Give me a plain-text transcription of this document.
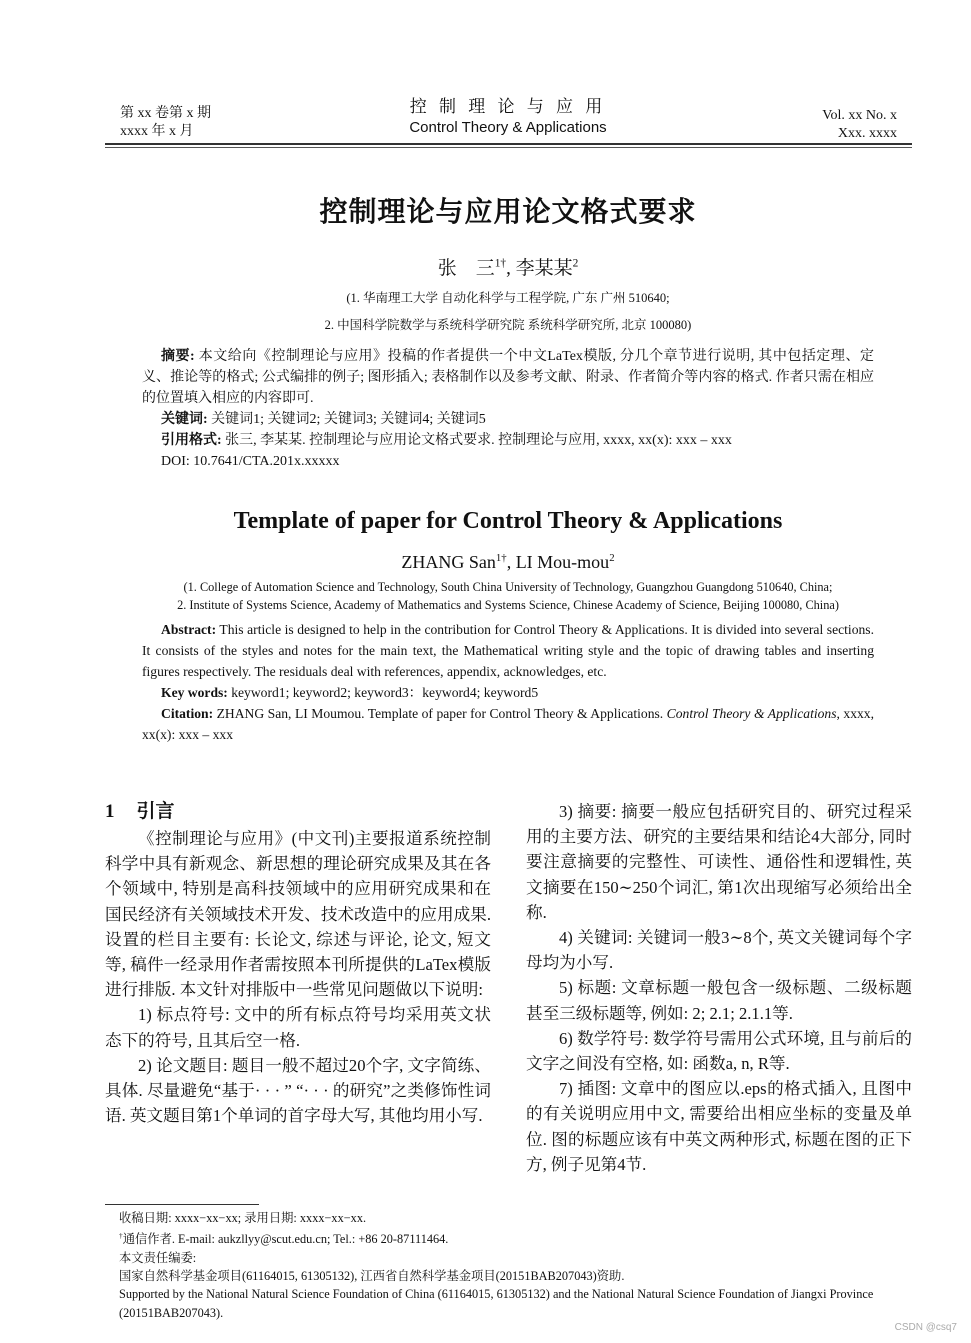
第 xx 卷第 x 期
xxxx 年 x 月
控 制 理 论 与 应 用
Control Theory & Applications
Vol. xx No. x
Xxx. xxxx
控制理论与应用论文格式要求
张　三$^{1\dagger}$, 李某某$^2$
(1. 华南理工大学 自动化科学与工程学院, 广东 广州 510640;
2. 中国科学院数学与系统科学研究院 系统科学研究所, 北京 100080)

摘要: 本文给向《控制理论与应用》投稿的作者提供一个中文LaTex模版, 分几个章节进行说明, 其中包括定理、定义、推论等的格式; 公式编排的例子; 图形插入; 表格制作以及参考文献、附录、作者简介等内容的格式. 作者只需在相应的位置填入相应的内容即可.

关键词: 关键词1; 关键词2; 关键词3; 关键词4; 关键词5

引用格式: 张三, 李某某. 控制理论与应用论文格式要求. 控制理论与应用, xxxx, xx(x): xxx – xxx

DOI: 10.7641/CTA.201x.xxxxx

Template of paper for Control Theory & Applications
ZHANG San$^{1\dagger}$, LI Mou-mou$^2$
(1. College of Automation Science and Technology, South China University of Technology, Guangzhou Guangdong 510640, China;
2. Institute of Systems Science, Academy of Mathematics and Systems Science, Chinese Academy of Science, Beijing 100080, China)

Abstract: This article is designed to help in the contribution for Control Theory & Applications. It is divided into several sections. It consists of the styles and notes for the main text, the Mathematical writing style and the topic of drawing tables and inserting figures respectively. The residuals deal with references, appendix, acknowledges, etc.

Key words: keyword1; keyword2; keyword3：keyword4; keyword5

Citation: ZHANG San, LI Moumou. Template of paper for Control Theory & Applications. Control Theory & Applications, xxxx, xx(x): xxx – xxx

1 引言

《控制理论与应用》(中文刊)主要报道系统控制科学中具有新观念、新思想的理论研究成果及其在各个领域中, 特别是高科技领域中的应用研究成果和在国民经济有关领域技术开发、技术改造中的应用成果. 设置的栏目主要有: 长论文, 综述与评论, 论文, 短文等, 稿件一经录用作者需按照本刊所提供的LaTex模版进行排版. 本文针对排版中一些常见问题做以下说明:

1) 标点符号: 文中的所有标点符号均采用英文状态下的符号, 且其后空一格.

2) 论文题目: 题目一般不超过20个字, 文字简练、具体. 尽量避免“基于· · · ” “· · · 的研究”之类修饰性词语. 英文题目第1个单词的首字母大写, 其他均用小写.

3) 摘要: 摘要一般应包括研究目的、研究过程采用的主要方法、研究的主要结果和结论4大部分, 同时要注意摘要的完整性、可读性、通俗性和逻辑性, 英文摘要在150∼250个词汇, 第1次出现缩写必须给出全称.

4) 关键词: 关键词一般3∼8个, 英文关键词每个字母均为小写.

5) 标题: 文章标题一般包含一级标题、二级标题甚至三级标题等, 例如: 2; 2.1; 2.1.1等.

6) 数学符号: 数学符号需用公式环境, 且与前后的文字之间没有空格, 如: 函数a, n, R等.

7) 插图: 文章中的图应以.eps的格式插入, 且图中的有关说明应用中文, 需要给出相应坐标的变量及单位. 图的标题应该有中英文两种形式, 标题在图的正下方, 例子见第4节.

收稿日期: xxxx−xx−xx; 录用日期: xxxx−xx−xx.

†通信作者. E-mail: aukzllyy@scut.edu.cn; Tel.: +86 20-87111464.

本文责任编委:

国家自然科学基金项目(61164015, 61305132), 江西省自然科学基金项目(20151BAB207043)资助.

Supported by the National Natural Science Foundation of China (61164015, 61305132) and the National Natural Science Foundation of Jiangxi Province (20151BAB207043).

CSDN @csq7
